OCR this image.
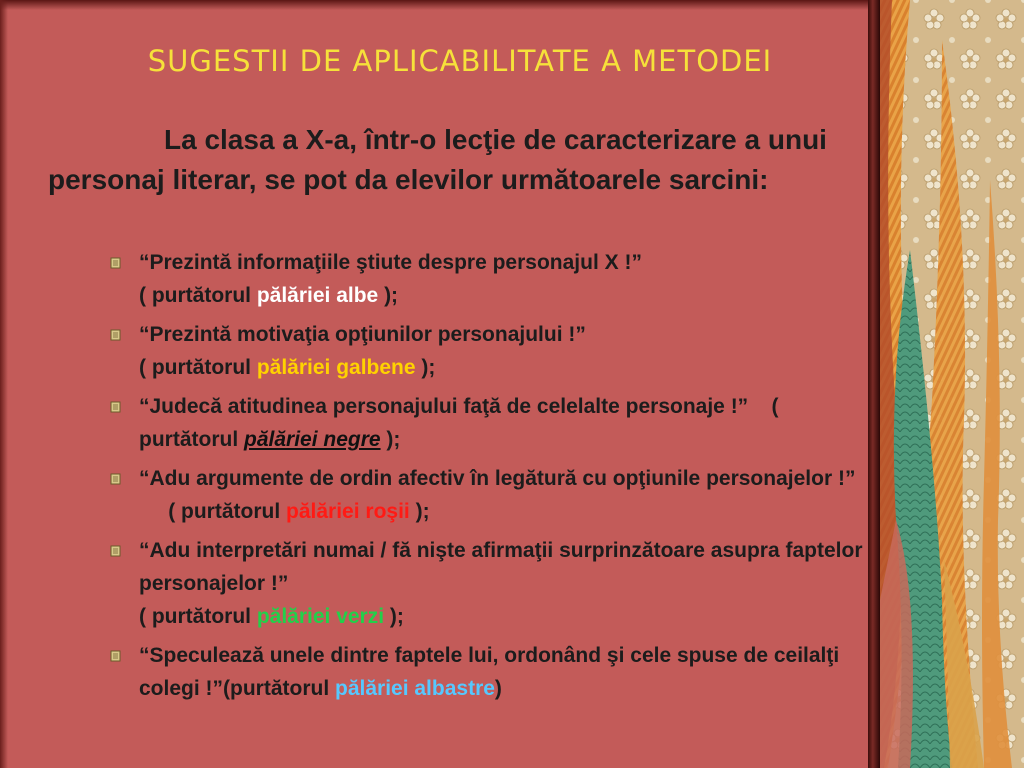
SUGESTII DE APLICABILITATE A METODEI
La clasa a X-a, într-o lecţie de caracterizare a unui personaj literar, se pot da elevilor următoarele sarcini:
“Prezintă informaţiile ştiute despre personajul X !”
( purtătorul pălăriei albe );
“Prezintă motivaţia opţiunilor personajului !”
( purtătorul pălăriei galbene );
“Judecă atitudinea personajului faţă de celelalte personaje !” ( purtătorul pălăriei negre );
“Adu argumente de ordin afectiv în legătură cu opţiunile personajelor !”     ( purtătorul pălăriei roşii );
“Adu interpretări numai / fă nişte afirmaţii surprinzătoare asupra faptelor personajelor !”
( purtătorul pălăriei verzi );
“Speculează unele dintre faptele lui, ordonând şi cele spuse de ceilalţi colegi !”(purtătorul pălăriei albastre)
